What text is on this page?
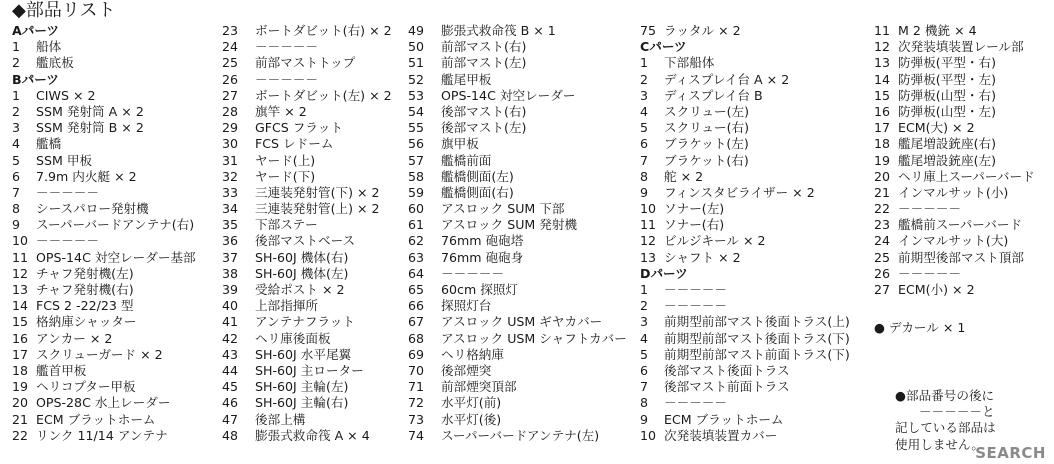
◆部品リスト
Aパーツ
1	船体
2	艦底板
Bパーツ
1	CIWS × 2
2	SSM 発射筒 A × 2
3	SSM 発射筒 B × 2
4	艦橋
5	SSM 甲板
6	7.9m 内火艇 × 2
7	－－－－－
8	シースパロー発射機
9	スーパーバードアンテナ(右)
10 －－－－－
11 OPS-14C 対空レーダー基部
12 チャフ発射機(左)
13 チャフ発射機(右)
14 FCS 2 -22/23 型
15 格納庫シャッター
16 アンカー × 2
17 スクリューガード × 2
18 艦首甲板
19 ヘリコプター甲板
20 OPS-28C 水上レーダー
21 ECM ブラットホーム
22 リンク 11/14 アンテナ
23	ボートダビット(右) × 2
24	－－－－－
25	前部マストトップ
26	－－－－－
27	ボートダビット(左) × 2
28	旗竿 × 2
29	GFCS フラット
30	FCS レドーム
31	ヤード(上)
32	ヤード(下)
33	三連装発射管(下) × 2
34	三連装発射管(上) × 2
35	下部ステー
36	後部マストベース
37	SH-60J 機体(右)
38	SH-60J 機体(左)
39	受給ポスト × 2
40	上部指揮所
41	アンテナフラット
42	ヘリ庫後面板
43	SH-60J 水平尾翼
44	SH-60J 主ローター
45	SH-60J 主輪(左)
46	SH-60J 主輪(右)
47	後部上構
48	膨張式救命筏 A × 4
49	膨張式救命筏 B × 1
50	前部マスト(右)
51	前部マスト(左)
52	艦尾甲板
53	OPS-14C 対空レーダー
54	後部マスト(右)
55	後部マスト(左)
56	旗甲板
57	艦橋前面
58	艦橋側面(左)
59	艦橋側面(右)
60	アスロック SUM 下部
61	アスロック SUM 発射機
62	76mm 砲砲塔
63	76mm 砲砲身
64	－－－－－
65	60cm 探照灯
66	探照灯台
67	アスロック USM ギヤカバー
68	アスロック USM シャフトカバー
69	ヘリ格納庫
70	後部煙突
71	前部煙突頂部
72	水平灯(前)
73	水平灯(後)
74	スーパーバードアンテナ(左)
75 ラッタル × 2
Cパーツ
1	下部船体
2	ディスプレイ台 A × 2
3	ディスプレイ台 B
4	スクリュー(左)
5	スクリュー(右)
6	ブラケット(左)
7	ブラケット(右)
8	舵 × 2
9	フィンスタビライザー × 2
10 ソナー(左)
11 ソナー(右)
12 ビルジキール × 2
13 シャフト × 2
Dパーツ
1	－－－－－
2	－－－－－
3	前期型前部マスト後面トラス(上)
4	前期型前部マスト後面トラス(下)
5	前期型前部マスト前面トラス(下)
6	後部マスト後面トラス
7	後部マスト前面トラス
8	－－－－－
9	ECM ブラットホーム
10 次発装填装置カバー
11 M 2 機銃 × 4
12 次発装填装置レール部
13 防弾板(平型・右)
14 防弾板(平型・左)
15 防弾板(山型・右)
16 防弾板(山型・左)
17 ECM(大) × 2
18 艦尾増設銃座(右)
19 艦尾増設銃座(左)
20 ヘリ庫上スーパーバード
21 インマルサット(小)
22 －－－－－
23 艦橋前スーパーバード
24 インマルサット(大)
25 前期型後部マスト頂部
26 －－－－－
27 ECM(小) × 2
● デカール × 1
●部品番号の後に
－－－－－と
記している部品は
使用しません。
SEARCH
